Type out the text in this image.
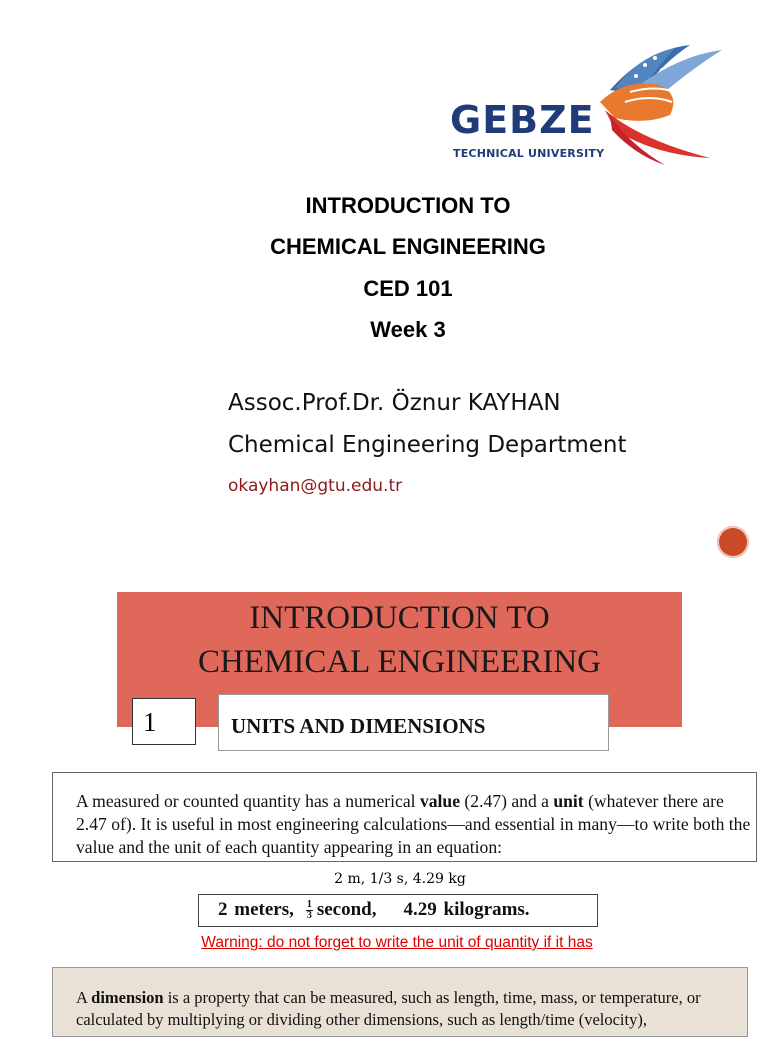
GEBZE
TECHNICAL UNIVERSITY
INTRODUCTION TO
CHEMICAL ENGINEERING
CED 101
Week 3
Assoc.Prof.Dr. Öznur KAYHAN
Chemical Engineering Department
okayhan@gtu.edu.tr
INTRODUCTION TO
CHEMICAL ENGINEERING
1	UNITS AND DIMENSIONS
A measured or counted quantity has a numerical value (2.47) and a unit (whatever there are 2.47 of). It is useful in most engineering calculations—and essential in many—to write both the value and the unit of each quantity appearing in an equation:
2 m, 1/3 s, 4.29 kg
2 meters, $\frac{1}{3}$ second, 4.29 kilograms.
Warning: do not forget to write the unit of quantity if it has
A dimension is a property that can be measured, such as length, time, mass, or temperature, or calculated by multiplying or dividing other dimensions, such as length/time (velocity),
